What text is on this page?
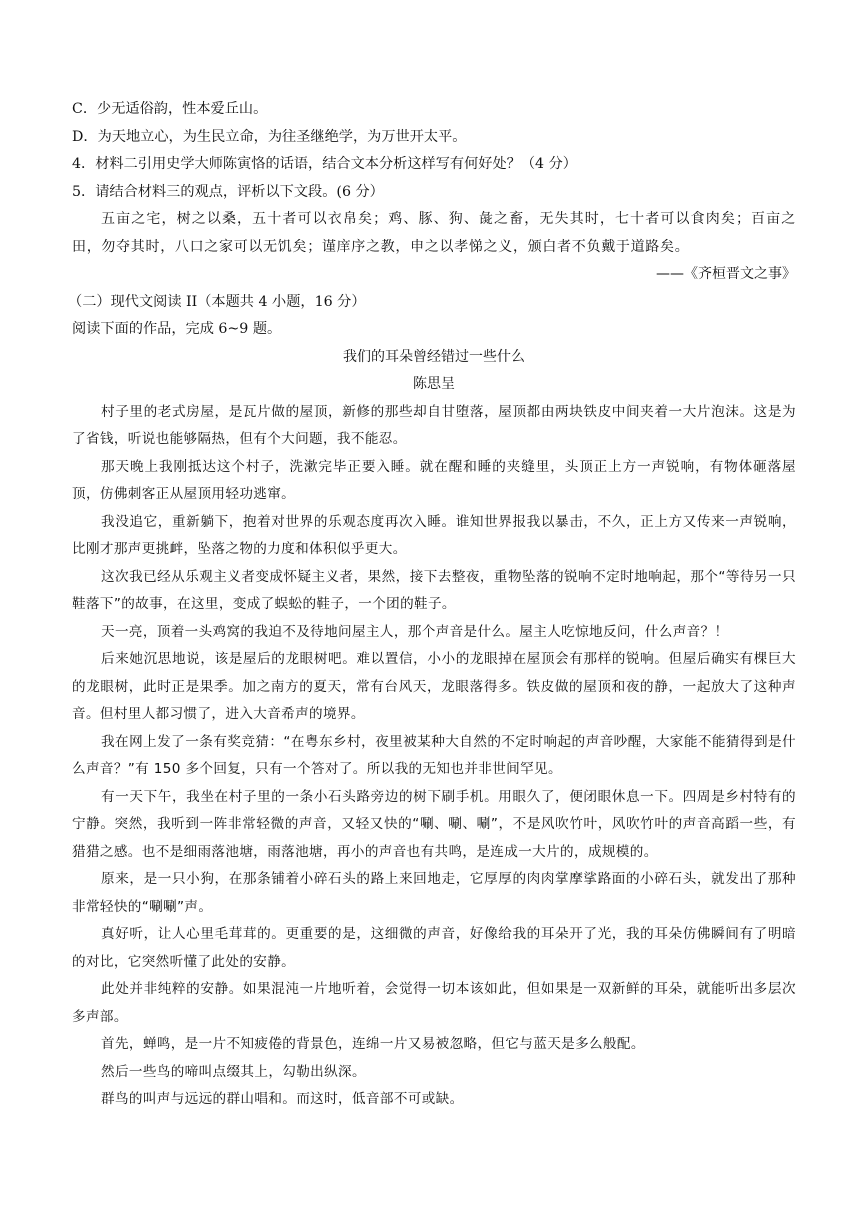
C．少无适俗韵，性本爱丘山。
D．为天地立心，为生民立命，为往圣继绝学，为万世开太平。
4．材料二引用史学大师陈寅恪的话语，结合文本分析这样写有何好处？（4 分）
5．请结合材料三的观点，评析以下文段。(6 分）

五亩之宅，树之以桑，五十者可以衣帛矣；鸡、豚、狗、彘之畜，无失其时，七十者可以食肉矣；百亩之田，勿夺其时，八口之家可以无饥矣；谨庠序之教，申之以孝悌之义，颁白者不负戴于道路矣。

——《齐桓晋文之事》
（二）现代文阅读 II（本题共 4 小题，16 分）
阅读下面的作品，完成 6~9 题。
我们的耳朵曾经错过一些什么
陈思呈

村子里的老式房屋，是瓦片做的屋顶，新修的那些却自甘堕落，屋顶都由两块铁皮中间夹着一大片泡沫。这是为了省钱，听说也能够隔热，但有个大问题，我不能忍。

那天晚上我刚抵达这个村子，洗漱完毕正要入睡。就在醒和睡的夹缝里，头顶正上方一声锐响，有物体砸落屋顶，仿佛刺客正从屋顶用轻功逃窜。

我没追它，重新躺下，抱着对世界的乐观态度再次入睡。谁知世界报我以暴击，不久，正上方又传来一声锐响，比刚才那声更挑衅，坠落之物的力度和体积似乎更大。

这次我已经从乐观主义者变成怀疑主义者，果然，接下去整夜，重物坠落的锐响不定时地响起，那个“等待另一只鞋落下”的故事，在这里，变成了蜈蚣的鞋子，一个团的鞋子。

天一亮，顶着一头鸡窝的我迫不及待地问屋主人，那个声音是什么。屋主人吃惊地反问，什么声音？！

后来她沉思地说，该是屋后的龙眼树吧。难以置信，小小的龙眼掉在屋顶会有那样的锐响。但屋后确实有棵巨大的龙眼树，此时正是果季。加之南方的夏天，常有台风天，龙眼落得多。铁皮做的屋顶和夜的静，一起放大了这种声音。但村里人都习惯了，进入大音希声的境界。

我在网上发了一条有奖竞猜：“在粤东乡村，夜里被某种大自然的不定时响起的声音吵醒，大家能不能猜得到是什么声音？”有 150 多个回复，只有一个答对了。所以我的无知也并非世间罕见。

有一天下午，我坐在村子里的一条小石头路旁边的树下刷手机。用眼久了，便闭眼休息一下。四周是乡村特有的宁静。突然，我听到一阵非常轻微的声音，又轻又快的“唰、唰、唰”，不是风吹竹叶，风吹竹叶的声音高蹈一些，有猎猎之感。也不是细雨落池塘，雨落池塘，再小的声音也有共鸣，是连成一大片的，成规模的。

原来，是一只小狗，在那条铺着小碎石头的路上来回地走，它厚厚的肉肉掌摩挲路面的小碎石头，就发出了那种非常轻快的“唰唰”声。

真好听，让人心里毛茸茸的。更重要的是，这细微的声音，好像给我的耳朵开了光，我的耳朵仿佛瞬间有了明暗的对比，它突然听懂了此处的安静。

此处并非纯粹的安静。如果混沌一片地听着，会觉得一切本该如此，但如果是一双新鲜的耳朵，就能听出多层次多声部。

首先，蝉鸣，是一片不知疲倦的背景色，连绵一片又易被忽略，但它与蓝天是多么般配。

然后一些鸟的啼叫点缀其上，勾勒出纵深。

群鸟的叫声与远远的群山唱和。而这时，低音部不可或缺。
